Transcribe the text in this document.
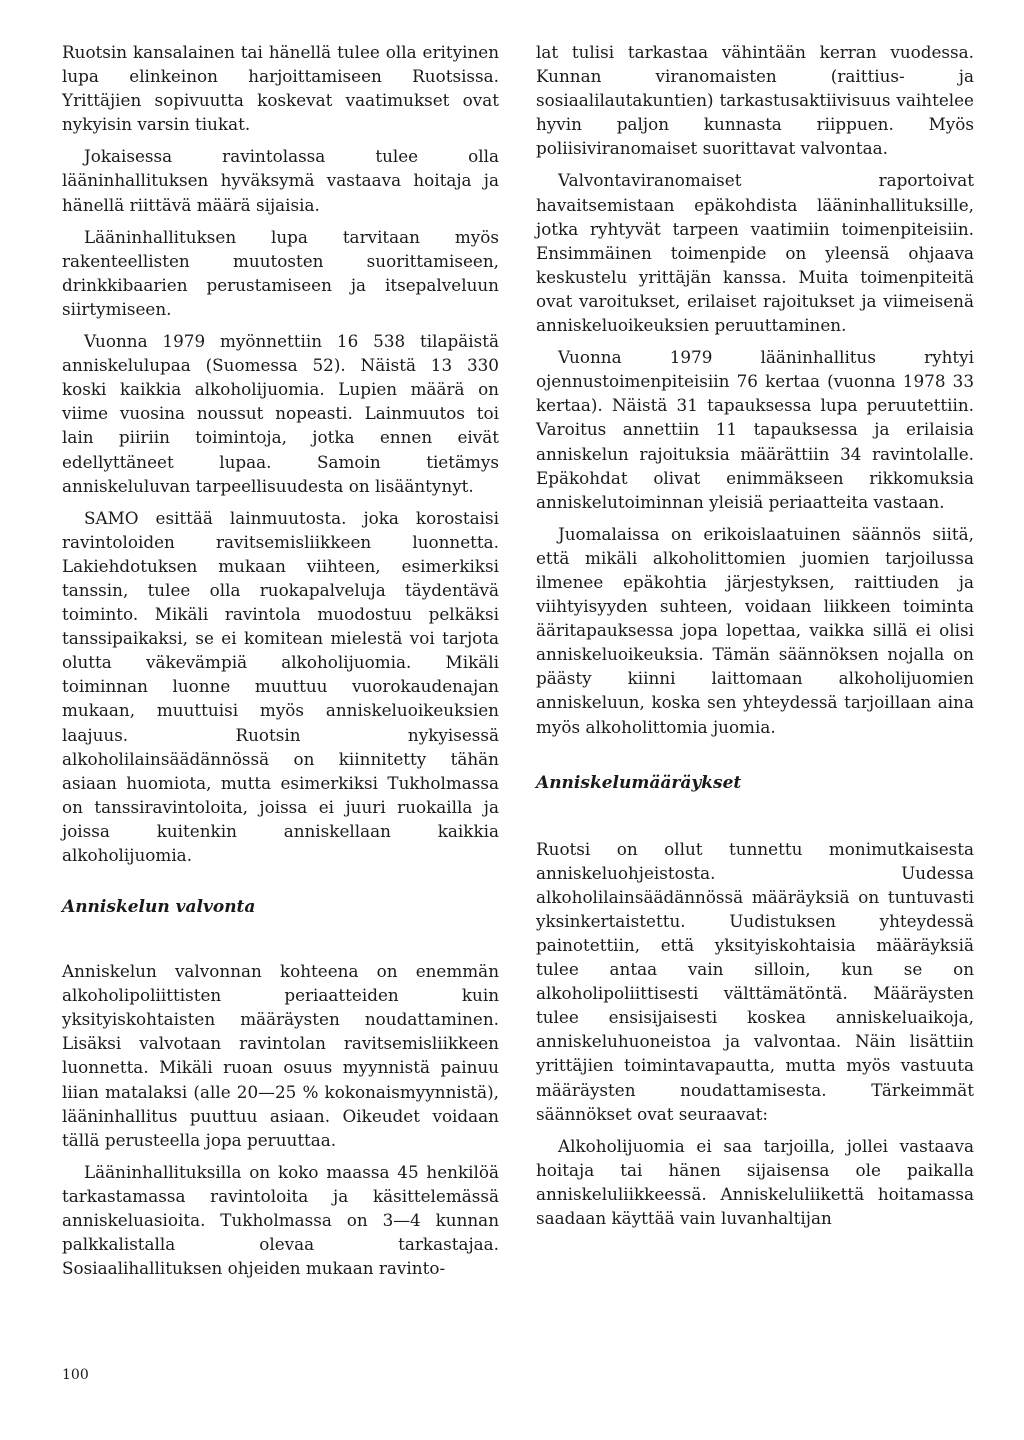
Ruotsin kansalainen tai hänellä tulee olla erityinen lupa elinkeinon harjoittamiseen Ruotsissa. Yrittäjien sopivuutta koskevat vaatimukset ovat nykyisin varsin tiukat.

Jokaisessa ravintolassa tulee olla lääninhallituksen hyväksymä vastaava hoitaja ja hänellä riittävä määrä sijaisia.

Lääninhallituksen lupa tarvitaan myös rakenteellisten muutosten suorittamiseen, drinkkibaarien perustamiseen ja itsepalveluun siirtymiseen.

Vuonna 1979 myönnettiin 16 538 tilapäistä anniskelulupaa (Suomessa 52). Näistä 13 330 koski kaikkia alkoholijuomia. Lupien määrä on viime vuosina noussut nopeasti. Lainmuutos toi lain piiriin toimintoja, jotka ennen eivät edellyttäneet lupaa. Samoin tietämys anniskeluluvan tarpeellisuudesta on lisääntynyt.

SAMO esittää lainmuutosta. joka korostaisi ravintoloiden ravitsemisliikkeen luonnetta. Lakiehdotuksen mukaan viihteen, esimerkiksi tanssin, tulee olla ruokapalveluja täydentävä toiminto. Mikäli ravintola muodostuu pelkäksi tanssipaikaksi, se ei komitean mielestä voi tarjota olutta väkevämpiä alkoholijuomia. Mikäli toiminnan luonne muuttuu vuorokaudenajan mukaan, muuttuisi myös anniskeluoikeuksien laajuus. Ruotsin nykyisessä alkoholilainsäädännössä on kiinnitetty tähän asiaan huomiota, mutta esimerkiksi Tukholmassa on tanssiravintoloita, joissa ei juuri ruokailla ja joissa kuitenkin anniskellaan kaikkia alkoholijuomia.

Anniskelun valvonta

Anniskelun valvonnan kohteena on enemmän alkoholipoliittisten periaatteiden kuin yksityiskohtaisten määräysten noudattaminen. Lisäksi valvotaan ravintolan ravitsemisliikkeen luonnetta. Mikäli ruoan osuus myynnistä painuu liian matalaksi (alle 20—25 % kokonaismyynnistä), lääninhallitus puuttuu asiaan. Oikeudet voidaan tällä perusteella jopa peruuttaa.

Lääninhallituksilla on koko maassa 45 henkilöä tarkastamassa ravintoloita ja käsittelemässä anniskeluasioita. Tukholmassa on 3—4 kunnan palkkalistalla olevaa tarkastajaa. Sosiaalihallituksen ohjeiden mukaan ravinto-

lat tulisi tarkastaa vähintään kerran vuodessa. Kunnan viranomaisten (raittius- ja sosiaalilautakuntien) tarkastusaktiivisuus vaihtelee hyvin paljon kunnasta riippuen. Myös poliisiviranomaiset suorittavat valvontaa.

Valvontaviranomaiset raportoivat havaitsemistaan epäkohdista lääninhallituksille, jotka ryhtyvät tarpeen vaatimiin toimenpiteisiin. Ensimmäinen toimenpide on yleensä ohjaava keskustelu yrittäjän kanssa. Muita toimenpiteitä ovat varoitukset, erilaiset rajoitukset ja viimeisenä anniskeluoikeuksien peruuttaminen.

Vuonna 1979 lääninhallitus ryhtyi ojennustoimenpiteisiin 76 kertaa (vuonna 1978 33 kertaa). Näistä 31 tapauksessa lupa peruutettiin. Varoitus annettiin 11 tapauksessa ja erilaisia anniskelun rajoituksia määrättiin 34 ravintolalle. Epäkohdat olivat enimmäkseen rikkomuksia anniskelutoiminnan yleisiä periaatteita vastaan.

Juomalaissa on erikoislaatuinen säännös siitä, että mikäli alkoholittomien juomien tarjoilussa ilmenee epäkohtia järjestyksen, raittiuden ja viihtyisyyden suhteen, voidaan liikkeen toiminta ääritapauksessa jopa lopettaa, vaikka sillä ei olisi anniskeluoikeuksia. Tämän säännöksen nojalla on päästy kiinni laittomaan alkoholijuomien anniskeluun, koska sen yhteydessä tarjoillaan aina myös alkoholittomia juomia.

Anniskelumääräykset

Ruotsi on ollut tunnettu monimutkaisesta anniskeluohjeistosta. Uudessa alkoholilainsäädännössä määräyksiä on tuntuvasti yksinkertaistettu. Uudistuksen yhteydessä painotettiin, että yksityiskohtaisia määräyksiä tulee antaa vain silloin, kun se on alkoholipoliittisesti välttämätöntä. Määräysten tulee ensisijaisesti koskea anniskeluaikoja, anniskeluhuoneistoa ja valvontaa. Näin lisättiin yrittäjien toimintavapautta, mutta myös vastuuta määräysten noudattamisesta. Tärkeimmät säännökset ovat seuraavat:

Alkoholijuomia ei saa tarjoilla, jollei vastaava hoitaja tai hänen sijaisensa ole paikalla anniskeluliikkeessä. Anniskeluliikettä hoitamassa saadaan käyttää vain luvanhaltijan

100
